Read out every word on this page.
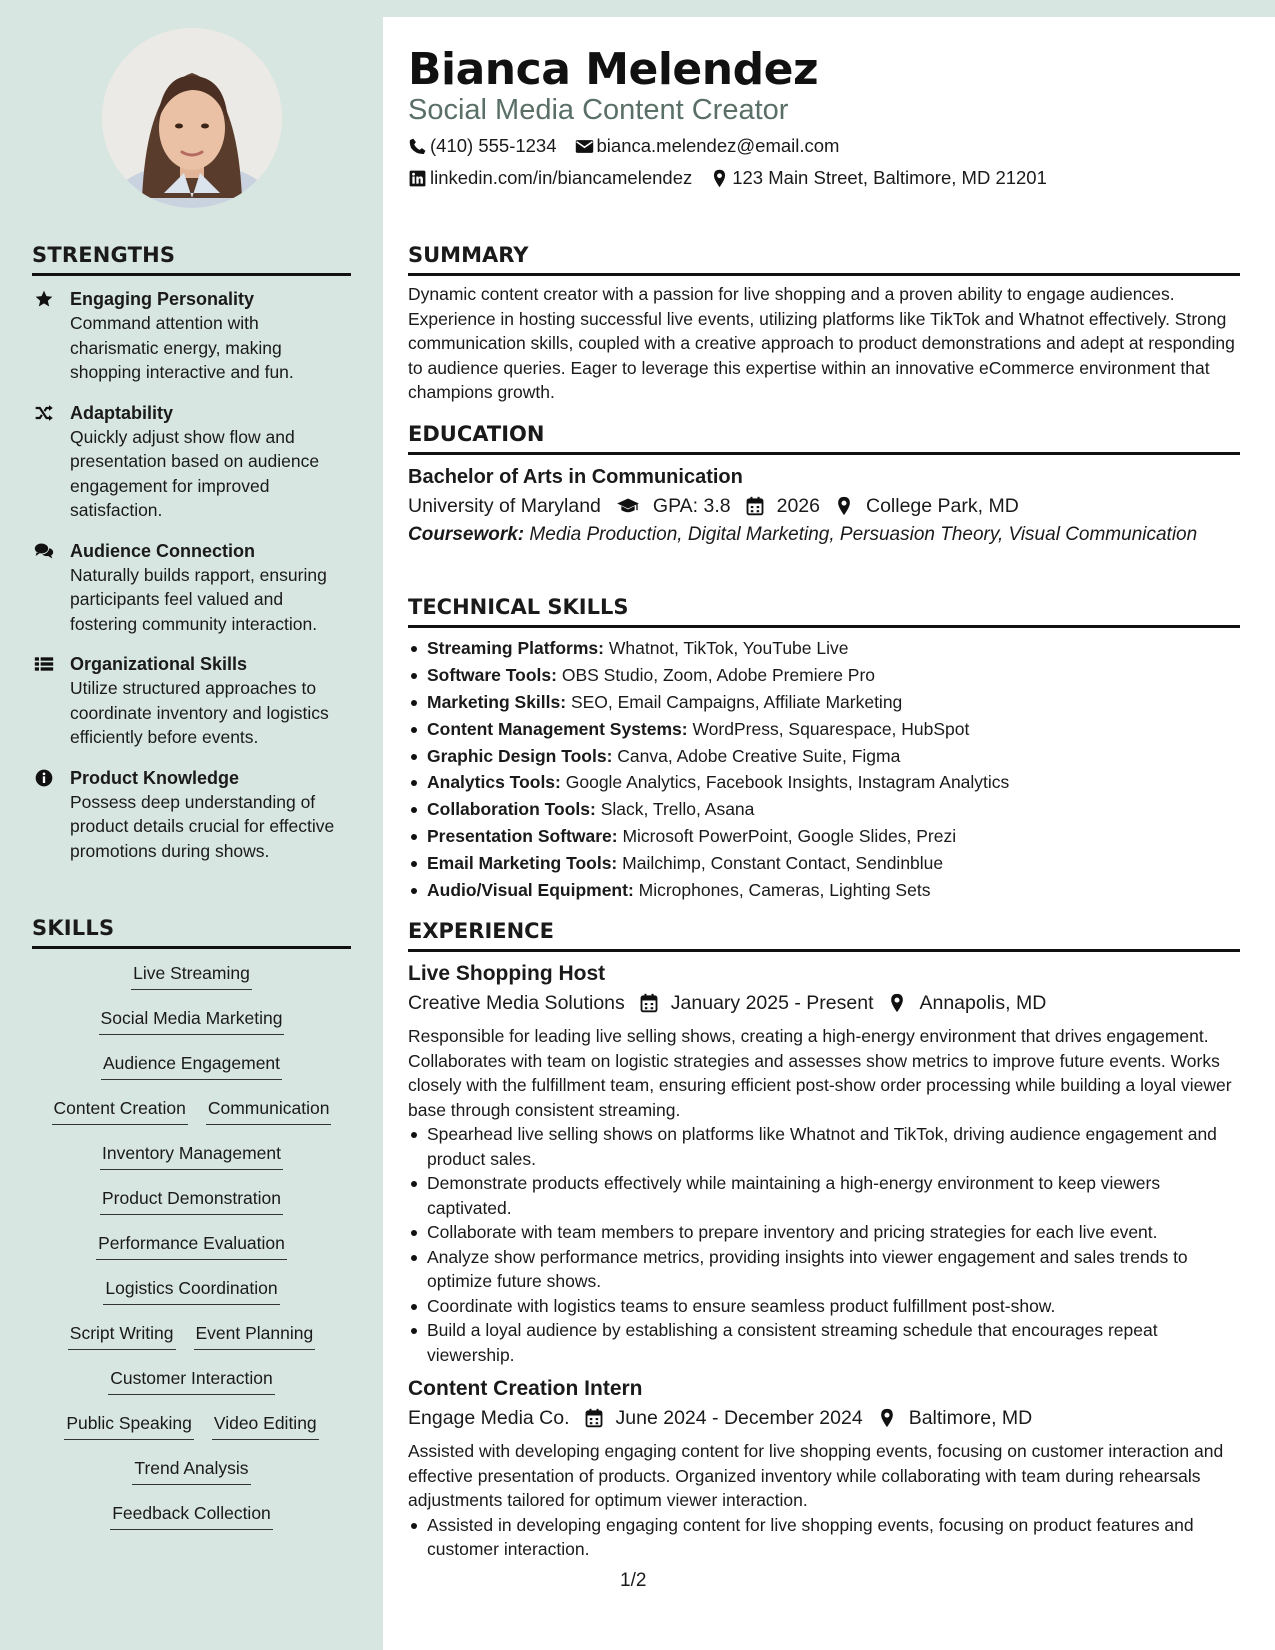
STRENGTHS
Engaging Personality
Command attention with charismatic energy, making shopping interactive and fun.
Adaptability
Quickly adjust show flow and presentation based on audience engagement for improved satisfaction.
Audience Connection
Naturally builds rapport, ensuring participants feel valued and fostering community interaction.
Organizational Skills
Utilize structured approaches to coordinate inventory and logistics efficiently before events.
Product Knowledge
Possess deep understanding of product details crucial for effective promotions during shows.
SKILLS
Live Streaming
Social Media Marketing
Audience Engagement
Content Creation Communication
Inventory Management
Product Demonstration
Performance Evaluation
Logistics Coordination
Script Writing Event Planning
Customer Interaction
Public Speaking Video Editing
Trend Analysis
Feedback Collection
Bianca Melendez
Social Media Content Creator
(410) 555-1234 bianca.melendez@email.com
linkedin.com/in/biancamelendez 123 Main Street, Baltimore, MD 21201
SUMMARY
Dynamic content creator with a passion for live shopping and a proven ability to engage audiences. Experience in hosting successful live events, utilizing platforms like TikTok and Whatnot effectively. Strong communication skills, coupled with a creative approach to product demonstrations and adept at responding to audience queries. Eager to leverage this expertise within an innovative eCommerce environment that champions growth.
EDUCATION
Bachelor of Arts in Communication
University of Maryland	GPA: 3.8 2026 College Park, MD
Coursework: Media Production, Digital Marketing, Persuasion Theory, Visual Communication
TECHNICAL SKILLS
Streaming Platforms: Whatnot, TikTok, YouTube Live
Software Tools: OBS Studio, Zoom, Adobe Premiere Pro
Marketing Skills: SEO, Email Campaigns, Affiliate Marketing
Content Management Systems: WordPress, Squarespace, HubSpot
Graphic Design Tools: Canva, Adobe Creative Suite, Figma
Analytics Tools: Google Analytics, Facebook Insights, Instagram Analytics
Collaboration Tools: Slack, Trello, Asana
Presentation Software: Microsoft PowerPoint, Google Slides, Prezi
Email Marketing Tools: Mailchimp, Constant Contact, Sendinblue
Audio/Visual Equipment: Microphones, Cameras, Lighting Sets
EXPERIENCE
Live Shopping Host
Creative Media Solutions January 2025 - Present Annapolis, MD
Responsible for leading live selling shows, creating a high-energy environment that drives engagement. Collaborates with team on logistic strategies and assesses show metrics to improve future events. Works closely with the fulfillment team, ensuring efficient post-show order processing while building a loyal viewer base through consistent streaming.
Spearhead live selling shows on platforms like Whatnot and TikTok, driving audience engagement and product sales.
Demonstrate products effectively while maintaining a high-energy environment to keep viewers captivated.
Collaborate with team members to prepare inventory and pricing strategies for each live event.
Analyze show performance metrics, providing insights into viewer engagement and sales trends to optimize future shows.
Coordinate with logistics teams to ensure seamless product fulfillment post-show.
Build a loyal audience by establishing a consistent streaming schedule that encourages repeat viewership.
Content Creation Intern
Engage Media Co. June 2024 - December 2024 Baltimore, MD
Assisted with developing engaging content for live shopping events, focusing on customer interaction and effective presentation of products. Organized inventory while collaborating with team during rehearsals adjustments tailored for optimum viewer interaction.
Assisted in developing engaging content for live shopping events, focusing on product features and customer interaction.
1/2
